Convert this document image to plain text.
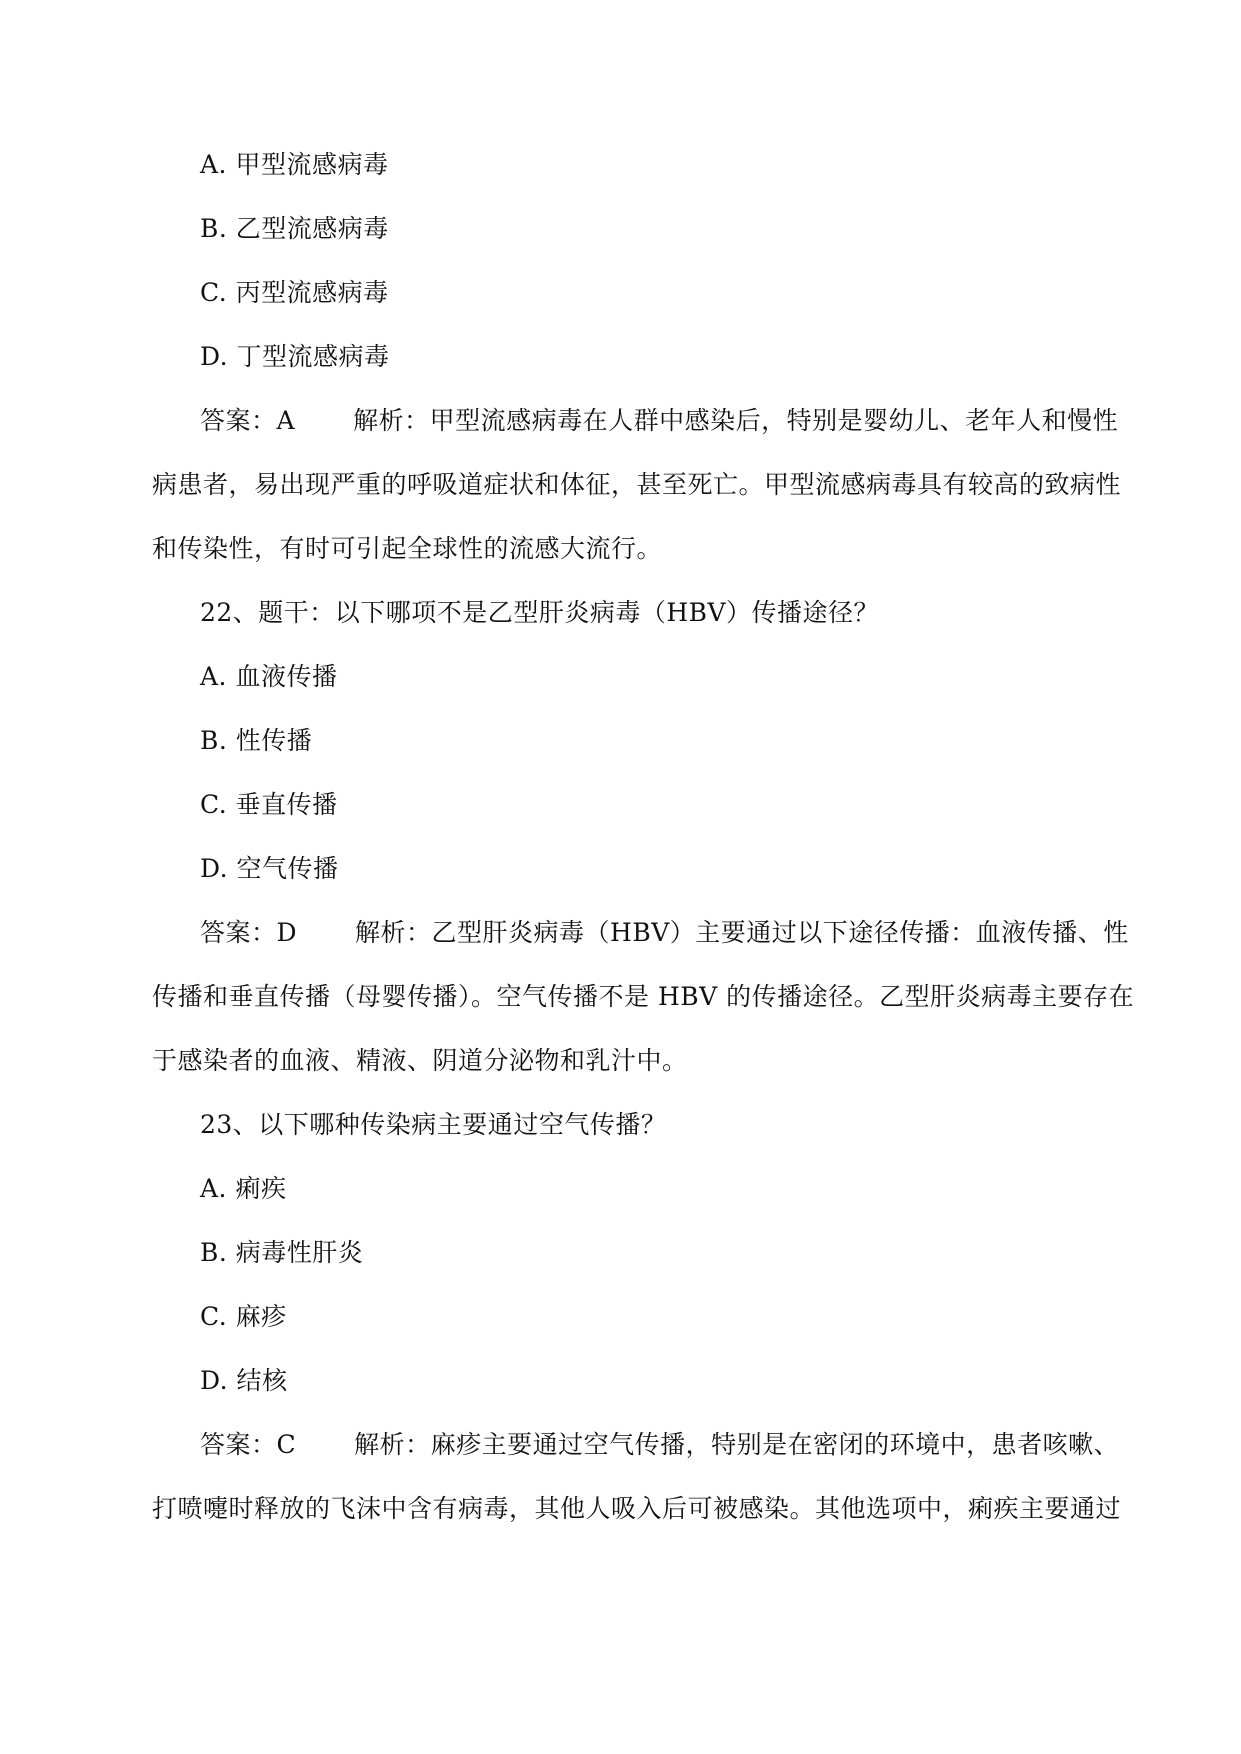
A. 甲型流感病毒
B. 乙型流感病毒
C. 丙型流感病毒
D. 丁型流感病毒
答案：A 解析：甲型流感病毒在人群中感染后，特别是婴幼儿、老年人和慢性
病患者，易出现严重的呼吸道症状和体征，甚至死亡。甲型流感病毒具有较高的致病性
和传染性，有时可引起全球性的流感大流行。
22、题干：以下哪项不是乙型肝炎病毒（HBV）传播途径？
A. 血液传播
B. 性传播
C. 垂直传播
D. 空气传播
答案：D 解析：乙型肝炎病毒（HBV）主要通过以下途径传播：血液传播、性
传播和垂直传播（母婴传播）。空气传播不是 HBV 的传播途径。乙型肝炎病毒主要存在
于感染者的血液、精液、阴道分泌物和乳汁中。
23、以下哪种传染病主要通过空气传播？
A. 痢疾
B. 病毒性肝炎
C. 麻疹
D. 结核
答案：C 解析：麻疹主要通过空气传播，特别是在密闭的环境中，患者咳嗽、
打喷嚏时释放的飞沫中含有病毒，其他人吸入后可被感染。其他选项中，痢疾主要通过
